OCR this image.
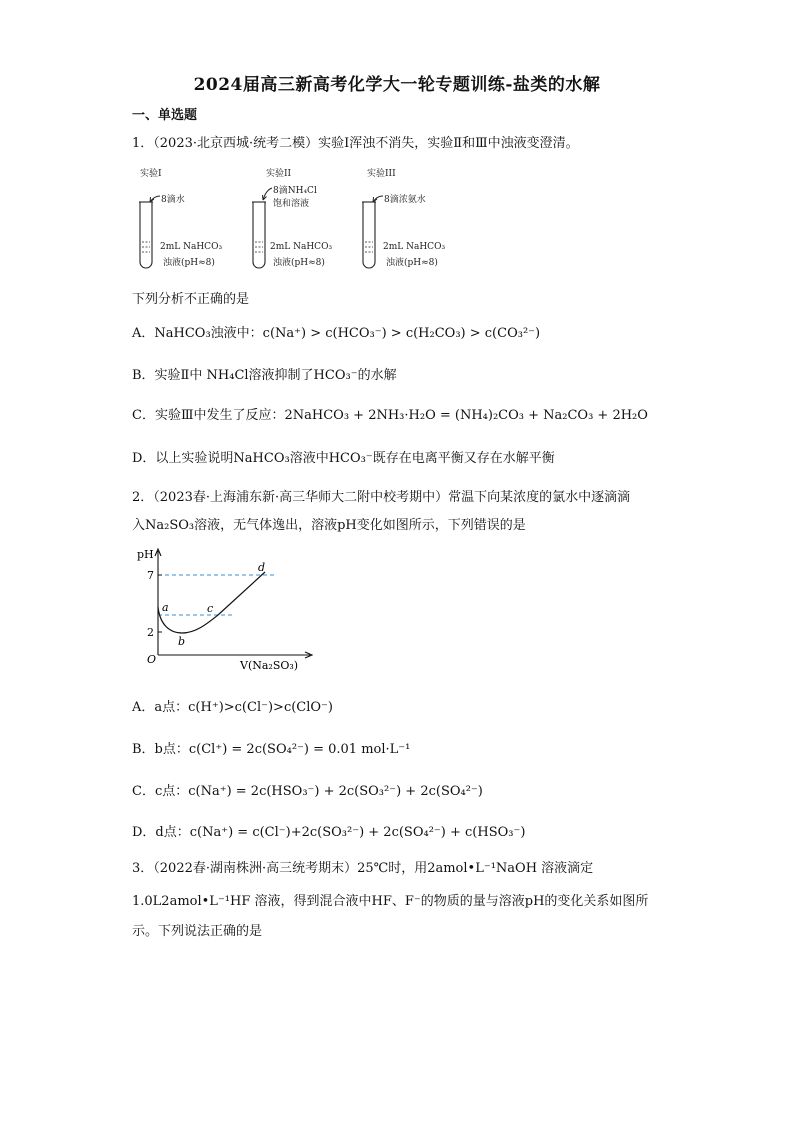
2024届高三新高考化学大一轮专题训练-盐类的水解
一、单选题
1．（2023·北京西城·统考二模）实验Ⅰ浑浊不消失，实验Ⅱ和Ⅲ中浊液变澄清。
实验I
8滴水
2mL NaHCO₃
浊液(pH≈8)
实验II
8滴NH₄Cl
饱和溶液
2mL NaHCO₃
浊液(pH≈8)
实验III
8滴浓氨水
2mL NaHCO₃
浊液(pH≈8)
下列分析不正确的是
A．NaHCO₃浊液中：c(Na⁺) > c(HCO₃⁻) > c(H₂CO₃) > c(CO₃²⁻)
B．实验Ⅱ中 NH₄Cl溶液抑制了HCO₃⁻的水解
C．实验Ⅲ中发生了反应：2NaHCO₃ + 2NH₃·H₂O = (NH₄)₂CO₃ + Na₂CO₃ + 2H₂O
D．以上实验说明NaHCO₃溶液中HCO₃⁻既存在电离平衡又存在水解平衡
2．（2023春·上海浦东新·高三华师大二附中校考期中）常温下向某浓度的氯水中逐滴滴
入Na₂SO₃溶液，无气体逸出，溶液pH变化如图所示，下列错误的是
a
b
c
d
pH
7
2
O	V(Na₂SO₃)
A．a点：c(H⁺)>c(Cl⁻)>c(ClO⁻)
B．b点：c(Cl⁺) = 2c(SO₄²⁻) = 0.01 mol·L⁻¹
C．c点：c(Na⁺) = 2c(HSO₃⁻) + 2c(SO₃²⁻) + 2c(SO₄²⁻)
D．d点：c(Na⁺) = c(Cl⁻)+2c(SO₃²⁻) + 2c(SO₄²⁻) + c(HSO₃⁻)
3．（2022春·湖南株洲·高三统考期末）25℃时，用2amol•L⁻¹NaOH 溶液滴定
1.0L2amol•L⁻¹HF 溶液，得到混合液中HF、F⁻的物质的量与溶液pH的变化关系如图所
示。下列说法正确的是
